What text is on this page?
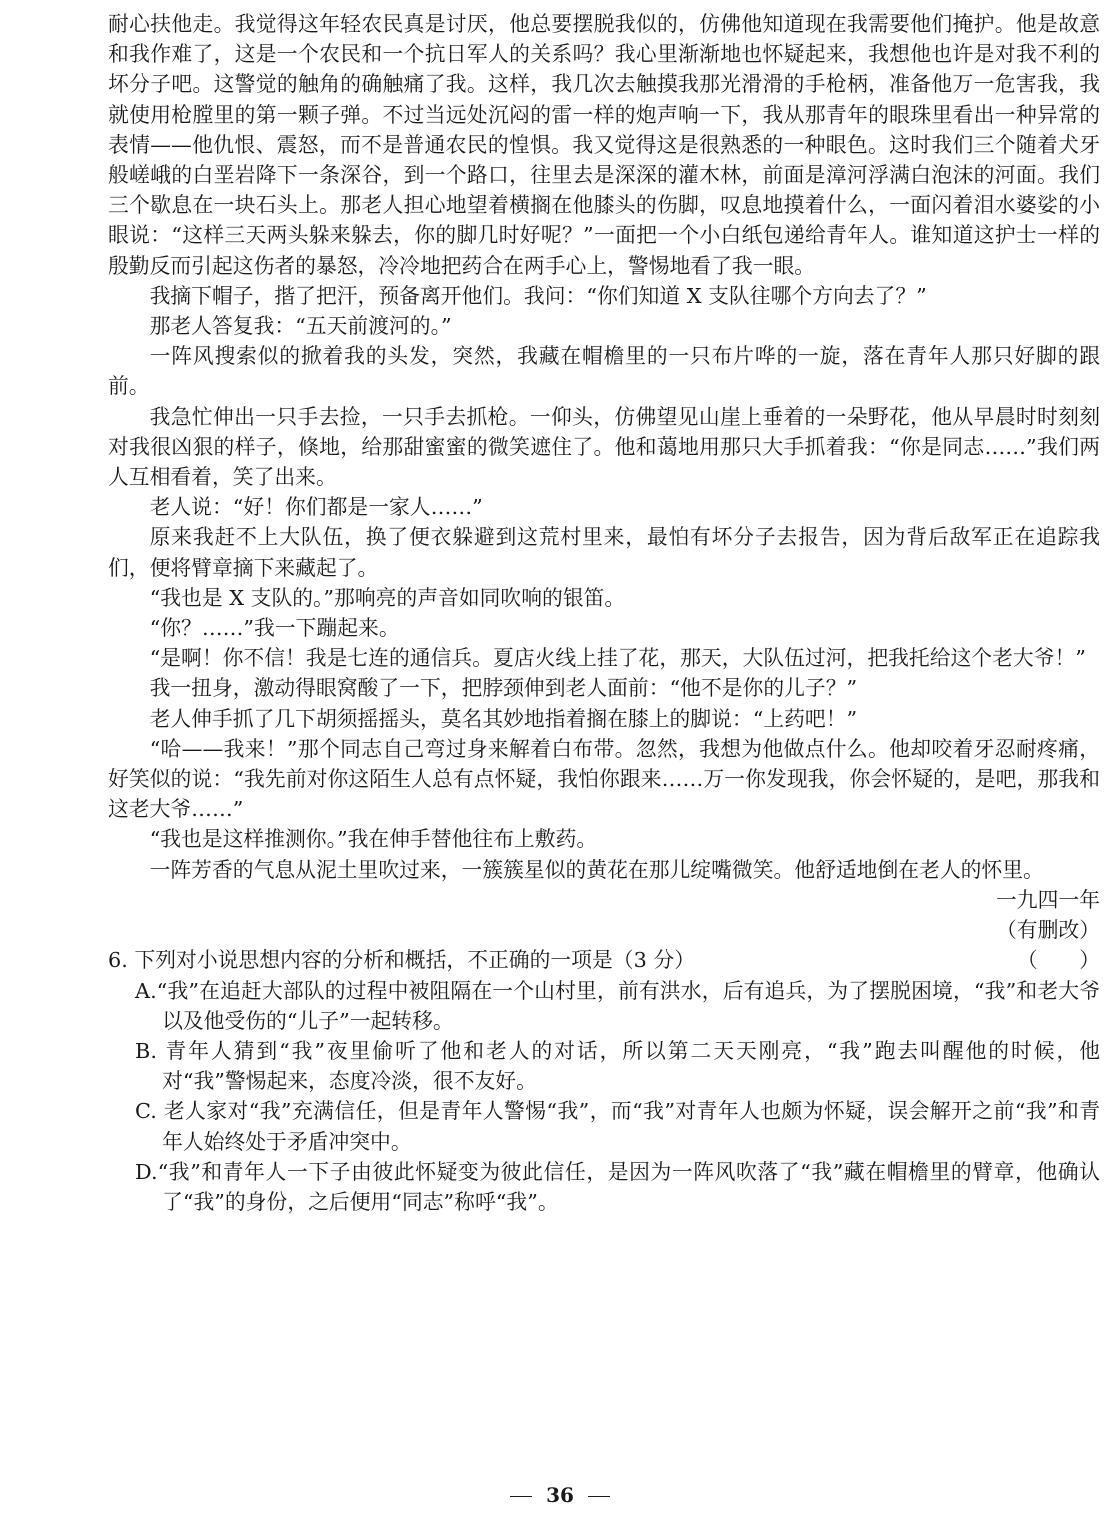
耐心扶他走。我觉得这年轻农民真是讨厌，他总要摆脱我似的，仿佛他知道现在我需要他们掩护。他是故意和我作难了，这是一个农民和一个抗日军人的关系吗？我心里渐渐地也怀疑起来，我想他也许是对我不利的坏分子吧。这警觉的触角的确触痛了我。这样，我几次去触摸我那光滑滑的手枪柄，准备他万一危害我，我就使用枪膛里的第一颗子弹。不过当远处沉闷的雷一样的炮声响一下，我从那青年的眼珠里看出一种异常的表情——他仇恨、震怒，而不是普通农民的惶惧。我又觉得这是很熟悉的一种眼色。这时我们三个随着犬牙般嵯峨的白垩岩降下一条深谷，到一个路口，往里去是深深的灌木林，前面是漳河浮满白泡沫的河面。我们三个歇息在一块石头上。那老人担心地望着横搁在他膝头的伤脚，叹息地摸着什么，一面闪着泪水婆娑的小眼说：“这样三天两头躲来躲去，你的脚几时好呢？”一面把一个小白纸包递给青年人。谁知道这护士一样的殷勤反而引起这伤者的暴怒，冷冷地把药合在两手心上，警惕地看了我一眼。

我摘下帽子，揩了把汗，预备离开他们。我问：“你们知道 X 支队往哪个方向去了？”

那老人答复我：“五天前渡河的。”

一阵风搜索似的掀着我的头发，突然，我藏在帽檐里的一只布片哗的一旋，落在青年人那只好脚的跟前。

我急忙伸出一只手去捡，一只手去抓枪。一仰头，仿佛望见山崖上垂着的一朵野花，他从早晨时时刻刻对我很凶狠的样子，倏地，给那甜蜜蜜的微笑遮住了。他和蔼地用那只大手抓着我：“你是同志……”我们两人互相看着，笑了出来。

老人说：“好！你们都是一家人……”

原来我赶不上大队伍，换了便衣躲避到这荒村里来，最怕有坏分子去报告，因为背后敌军正在追踪我们，便将臂章摘下来藏起了。

“我也是 X 支队的。”那响亮的声音如同吹响的银笛。

“你？……”我一下蹦起来。

“是啊！你不信！我是七连的通信兵。夏店火线上挂了花，那天，大队伍过河，把我托给这个老大爷！”

我一扭身，激动得眼窝酸了一下，把脖颈伸到老人面前：“他不是你的儿子？”

老人伸手抓了几下胡须摇摇头，莫名其妙地指着搁在膝上的脚说：“上药吧！”

“哈——我来！”那个同志自己弯过身来解着白布带。忽然，我想为他做点什么。他却咬着牙忍耐疼痛，好笑似的说：“我先前对你这陌生人总有点怀疑，我怕你跟来……万一你发现我，你会怀疑的，是吧，那我和这老大爷……”

“我也是这样推测你。”我在伸手替他往布上敷药。

一阵芳香的气息从泥土里吹过来，一簇簇星似的黄花在那儿绽嘴微笑。他舒适地倒在老人的怀里。

一九四一年

（有删改）

6. 下列对小说思想内容的分析和概括，不正确的一项是（3 分）	（　　）

A.“我”在追赶大部队的过程中被阻隔在一个山村里，前有洪水，后有追兵，为了摆脱困境，“我”和老大爷以及他受伤的“儿子”一起转移。

B. 青年人猜到“我”夜里偷听了他和老人的对话，所以第二天天刚亮，“我”跑去叫醒他的时候，他对“我”警惕起来，态度冷淡，很不友好。

C. 老人家对“我”充满信任，但是青年人警惕“我”，而“我”对青年人也颇为怀疑，误会解开之前“我”和青年人始终处于矛盾冲突中。

D.“我”和青年人一下子由彼此怀疑变为彼此信任，是因为一阵风吹落了“我”藏在帽檐里的臂章，他确认了“我”的身份，之后便用“同志”称呼“我”。

36
